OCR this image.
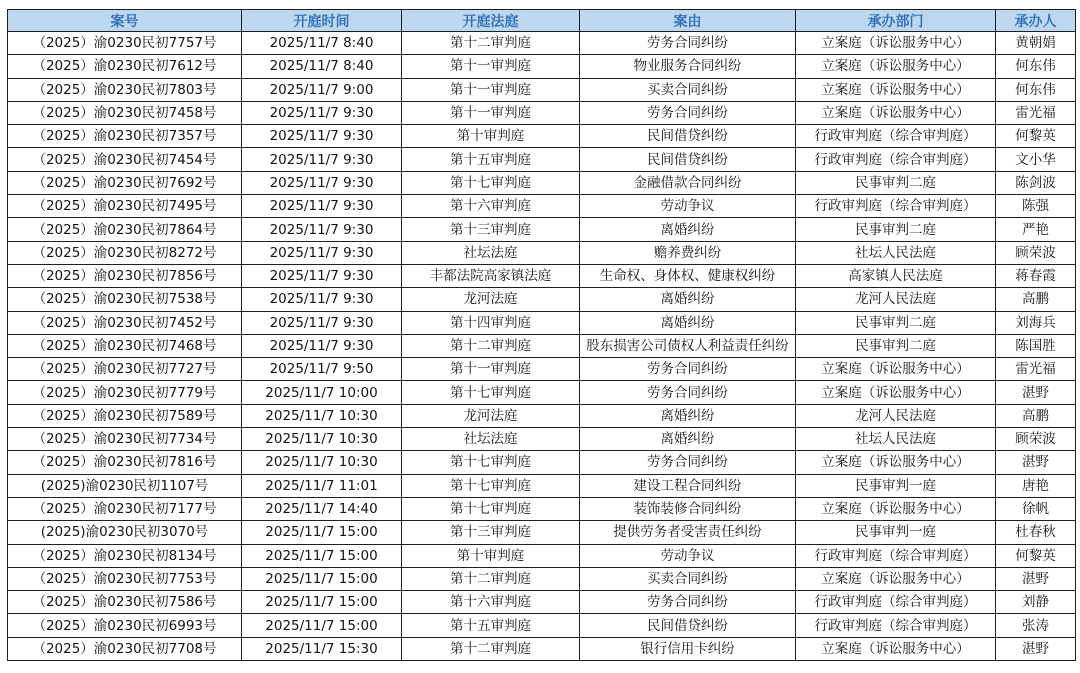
案号	开庭时间	开庭法庭	案由	承办部门	承办人
（2025）渝0230民初7757号	2025/11/7 8:40	第十二审判庭	劳务合同纠纷	立案庭（诉讼服务中心）	黄朝娟
（2025）渝0230民初7612号	2025/11/7 8:40	第十一审判庭	物业服务合同纠纷	立案庭（诉讼服务中心）	何东伟
（2025）渝0230民初7803号	2025/11/7 9:00	第十一审判庭	买卖合同纠纷	立案庭（诉讼服务中心）	何东伟
（2025）渝0230民初7458号	2025/11/7 9:30	第十一审判庭	劳务合同纠纷	立案庭（诉讼服务中心）	雷光福
（2025）渝0230民初7357号	2025/11/7 9:30	第十审判庭	民间借贷纠纷	行政审判庭（综合审判庭）	何黎英
（2025）渝0230民初7454号	2025/11/7 9:30	第十五审判庭	民间借贷纠纷	行政审判庭（综合审判庭）	文小华
（2025）渝0230民初7692号	2025/11/7 9:30	第十七审判庭	金融借款合同纠纷	民事审判二庭	陈剑波
（2025）渝0230民初7495号	2025/11/7 9:30	第十六审判庭	劳动争议	行政审判庭（综合审判庭）	陈强
（2025）渝0230民初7864号	2025/11/7 9:30	第十三审判庭	离婚纠纷	民事审判二庭	严艳
（2025）渝0230民初8272号	2025/11/7 9:30	社坛法庭	赡养费纠纷	社坛人民法庭	顾荣波
（2025）渝0230民初7856号	2025/11/7 9:30	丰都法院高家镇法庭	生命权、身体权、健康权纠纷	高家镇人民法庭	蒋春霞
（2025）渝0230民初7538号	2025/11/7 9:30	龙河法庭	离婚纠纷	龙河人民法庭	高鹏
（2025）渝0230民初7452号	2025/11/7 9:30	第十四审判庭	离婚纠纷	民事审判二庭	刘海兵
（2025）渝0230民初7468号	2025/11/7 9:30	第十二审判庭	股东损害公司债权人利益责任纠纷	民事审判二庭	陈国胜
（2025）渝0230民初7727号	2025/11/7 9:50	第十一审判庭	劳务合同纠纷	立案庭（诉讼服务中心）	雷光福
（2025）渝0230民初7779号	2025/11/7 10:00	第十七审判庭	劳务合同纠纷	立案庭（诉讼服务中心）	湛野
（2025）渝0230民初7589号	2025/11/7 10:30	龙河法庭	离婚纠纷	龙河人民法庭	高鹏
（2025）渝0230民初7734号	2025/11/7 10:30	社坛法庭	离婚纠纷	社坛人民法庭	顾荣波
（2025）渝0230民初7816号	2025/11/7 10:30	第十七审判庭	劳务合同纠纷	立案庭（诉讼服务中心）	湛野
(2025)渝0230民初1107号	2025/11/7 11:01	第十七审判庭	建设工程合同纠纷	民事审判一庭	唐艳
（2025）渝0230民初7177号	2025/11/7 14:40	第十七审判庭	装饰装修合同纠纷	立案庭（诉讼服务中心）	徐帆
(2025)渝0230民初3070号	2025/11/7 15:00	第十三审判庭	提供劳务者受害责任纠纷	民事审判一庭	杜春秋
（2025）渝0230民初8134号	2025/11/7 15:00	第十审判庭	劳动争议	行政审判庭（综合审判庭）	何黎英
（2025）渝0230民初7753号	2025/11/7 15:00	第十二审判庭	买卖合同纠纷	立案庭（诉讼服务中心）	湛野
（2025）渝0230民初7586号	2025/11/7 15:00	第十六审判庭	劳务合同纠纷	行政审判庭（综合审判庭）	刘静
（2025）渝0230民初6993号	2025/11/7 15:00	第十五审判庭	民间借贷纠纷	行政审判庭（综合审判庭）	张涛
（2025）渝0230民初7708号	2025/11/7 15:30	第十二审判庭	银行信用卡纠纷	立案庭（诉讼服务中心）	湛野
